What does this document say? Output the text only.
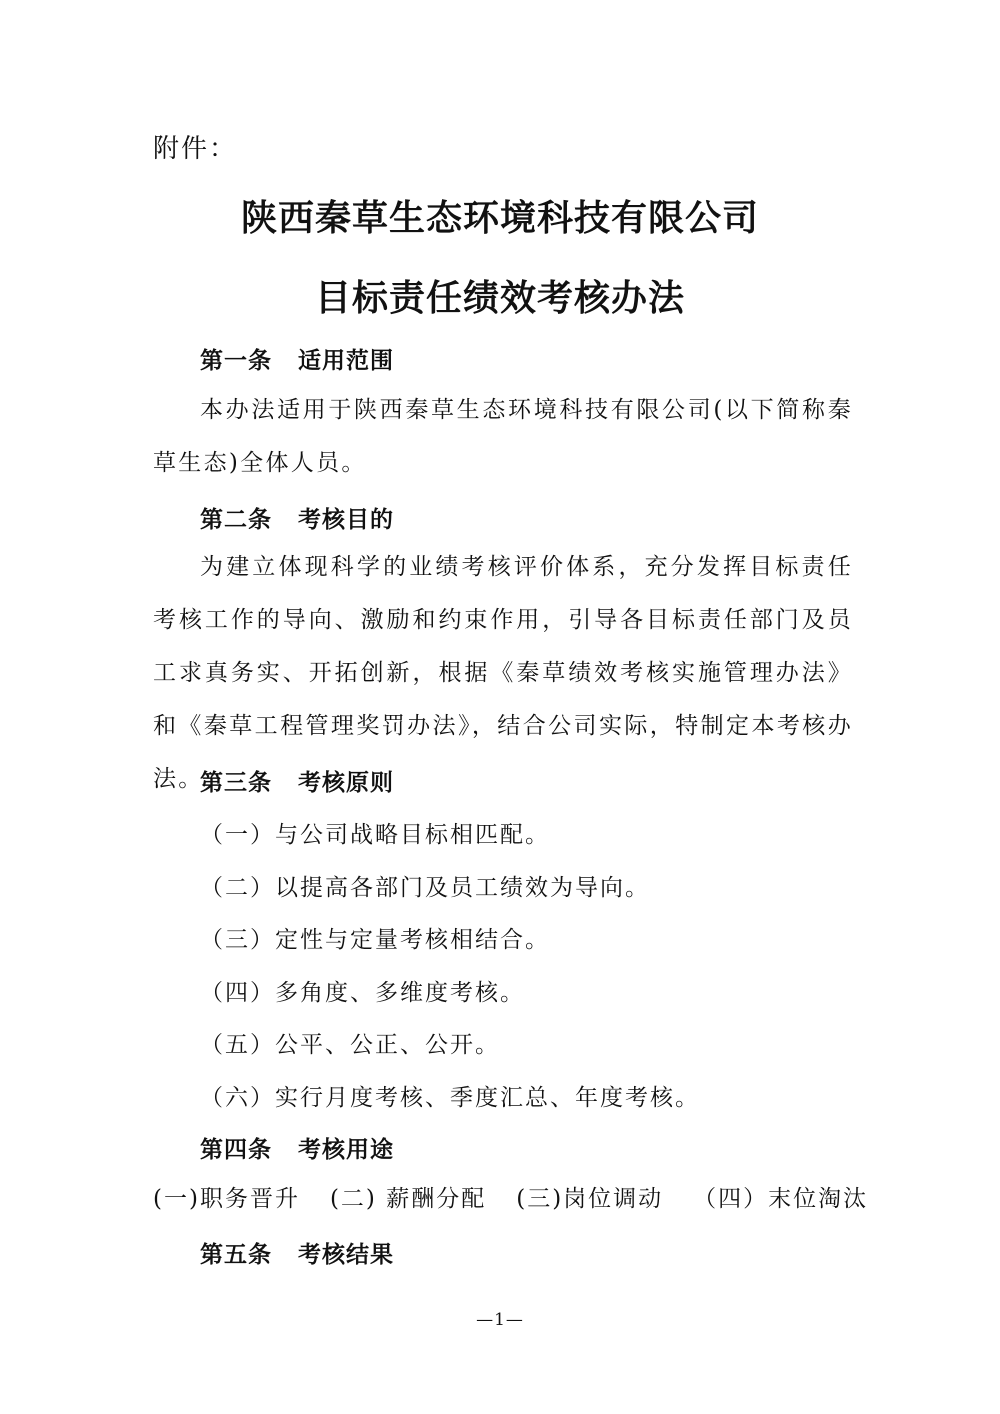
附件：
陕西秦草生态环境科技有限公司
目标责任绩效考核办法
第一条 适用范围
本办法适用于陕西秦草生态环境科技有限公司(以下简称秦草生态)全体人员。
第二条 考核目的
为建立体现科学的业绩考核评价体系，充分发挥目标责任考核工作的导向、激励和约束作用，引导各目标责任部门及员工求真务实、开拓创新，根据《秦草绩效考核实施管理办法》和《秦草工程管理奖罚办法》，结合公司实际，特制定本考核办法。
第三条 考核原则
（一）与公司战略目标相匹配。
（二）以提高各部门及员工绩效为导向。
（三）定性与定量考核相结合。
（四）多角度、多维度考核。
（五）公平、公正、公开。
（六）实行月度考核、季度汇总、年度考核。
第四条 考核用途
(一)职务晋升 (二) 薪酬分配 (三)岗位调动 （四）末位淘汰
第五条 考核结果
—1—
